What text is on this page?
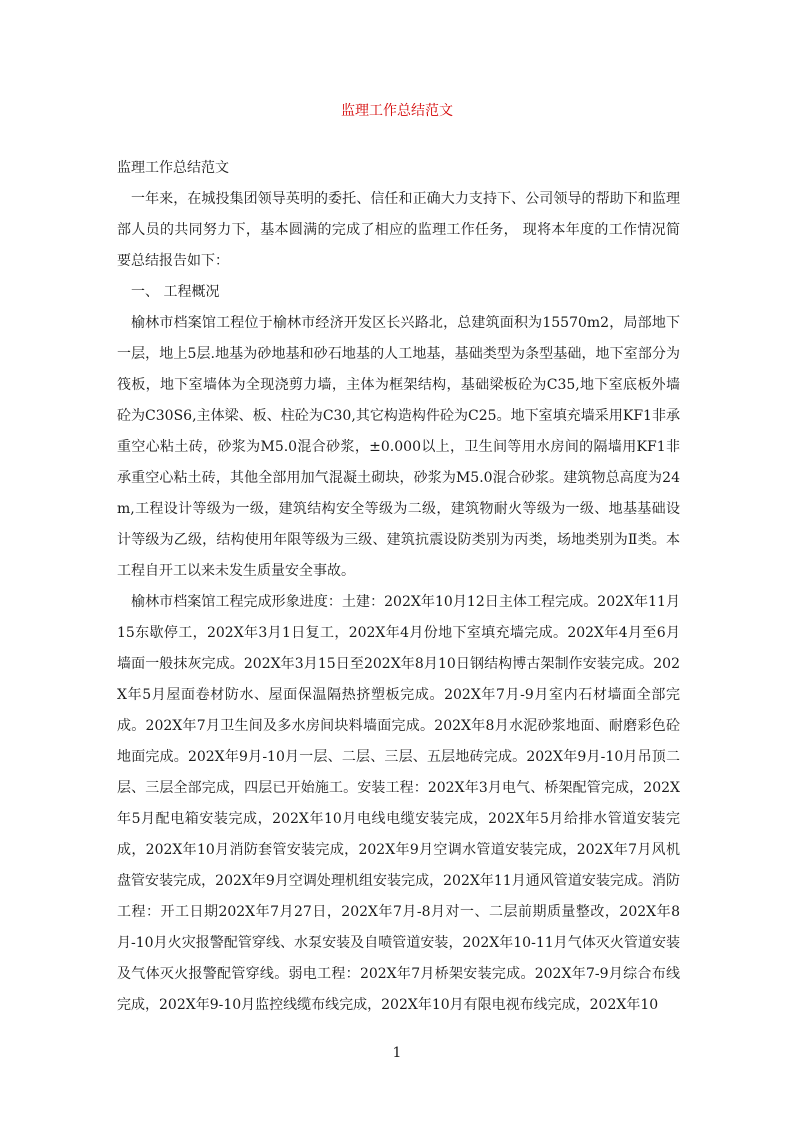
监理工作总结范文

监理工作总结范文

一年来，在城投集团领导英明的委托、信任和正确大力支持下、公司领导的帮助下和监理部人员的共同努力下，基本圆满的完成了相应的监理工作任务， 现将本年度的工作情况简要总结报告如下：

一、 工程概况

榆林市档案馆工程位于榆林市经济开发区长兴路北，总建筑面积为15570m2，局部地下一层，地上5层.地基为砂地基和砂石地基的人工地基，基础类型为条型基础，地下室部分为筏板，地下室墙体为全现浇剪力墙，主体为框架结构，基础梁板砼为C35,地下室底板外墙砼为C30S6,主体梁、板、柱砼为C30,其它构造构件砼为C25。地下室填充墙采用KF1非承重空心粘土砖，砂浆为M5.0混合砂浆，±0.000以上，卫生间等用水房间的隔墙用KF1非承重空心粘土砖，其他全部用加气混凝土砌块，砂浆为M5.0混合砂浆。建筑物总高度为24m,工程设计等级为一级，建筑结构安全等级为二级，建筑物耐火等级为一级、地基基础设计等级为乙级，结构使用年限等级为三级、建筑抗震设防类别为丙类，场地类别为Ⅱ类。本工程自开工以来未发生质量安全事故。

榆林市档案馆工程完成形象进度：土建：202X年10月12日主体工程完成。202X年11月15东歇停工，202X年3月1日复工，202X年4月份地下室填充墙完成。202X年4月至6月墙面一般抹灰完成。202X年3月15日至202X年8月10日钢结构博古架制作安装完成。202X年5月屋面卷材防水、屋面保温隔热挤塑板完成。202X年7月-9月室内石材墙面全部完成。202X年7月卫生间及多水房间块料墙面完成。202X年8月水泥砂浆地面、耐磨彩色砼地面完成。202X年9月-10月一层、二层、三层、五层地砖完成。202X年9月-10月吊顶二层、三层全部完成，四层已开始施工。安装工程：202X年3月电气、桥架配管完成，202X年5月配电箱安装完成，202X年10月电线电缆安装完成，202X年5月给排水管道安装完成，202X年10月消防套管安装完成，202X年9月空调水管道安装完成，202X年7月风机盘管安装完成，202X年9月空调处理机组安装完成，202X年11月通风管道安装完成。消防工程：开工日期202X年7月27日，202X年7月-8月对一、二层前期质量整改，202X年8月-10月火灾报警配管穿线、水泵安装及自喷管道安装，202X年10-11月气体灭火管道安装及气体灭火报警配管穿线。弱电工程：202X年7月桥架安装完成。202X年7-9月综合布线完成，202X年9-10月监控线缆布线完成，202X年10月有限电视布线完成，202X年10

1
